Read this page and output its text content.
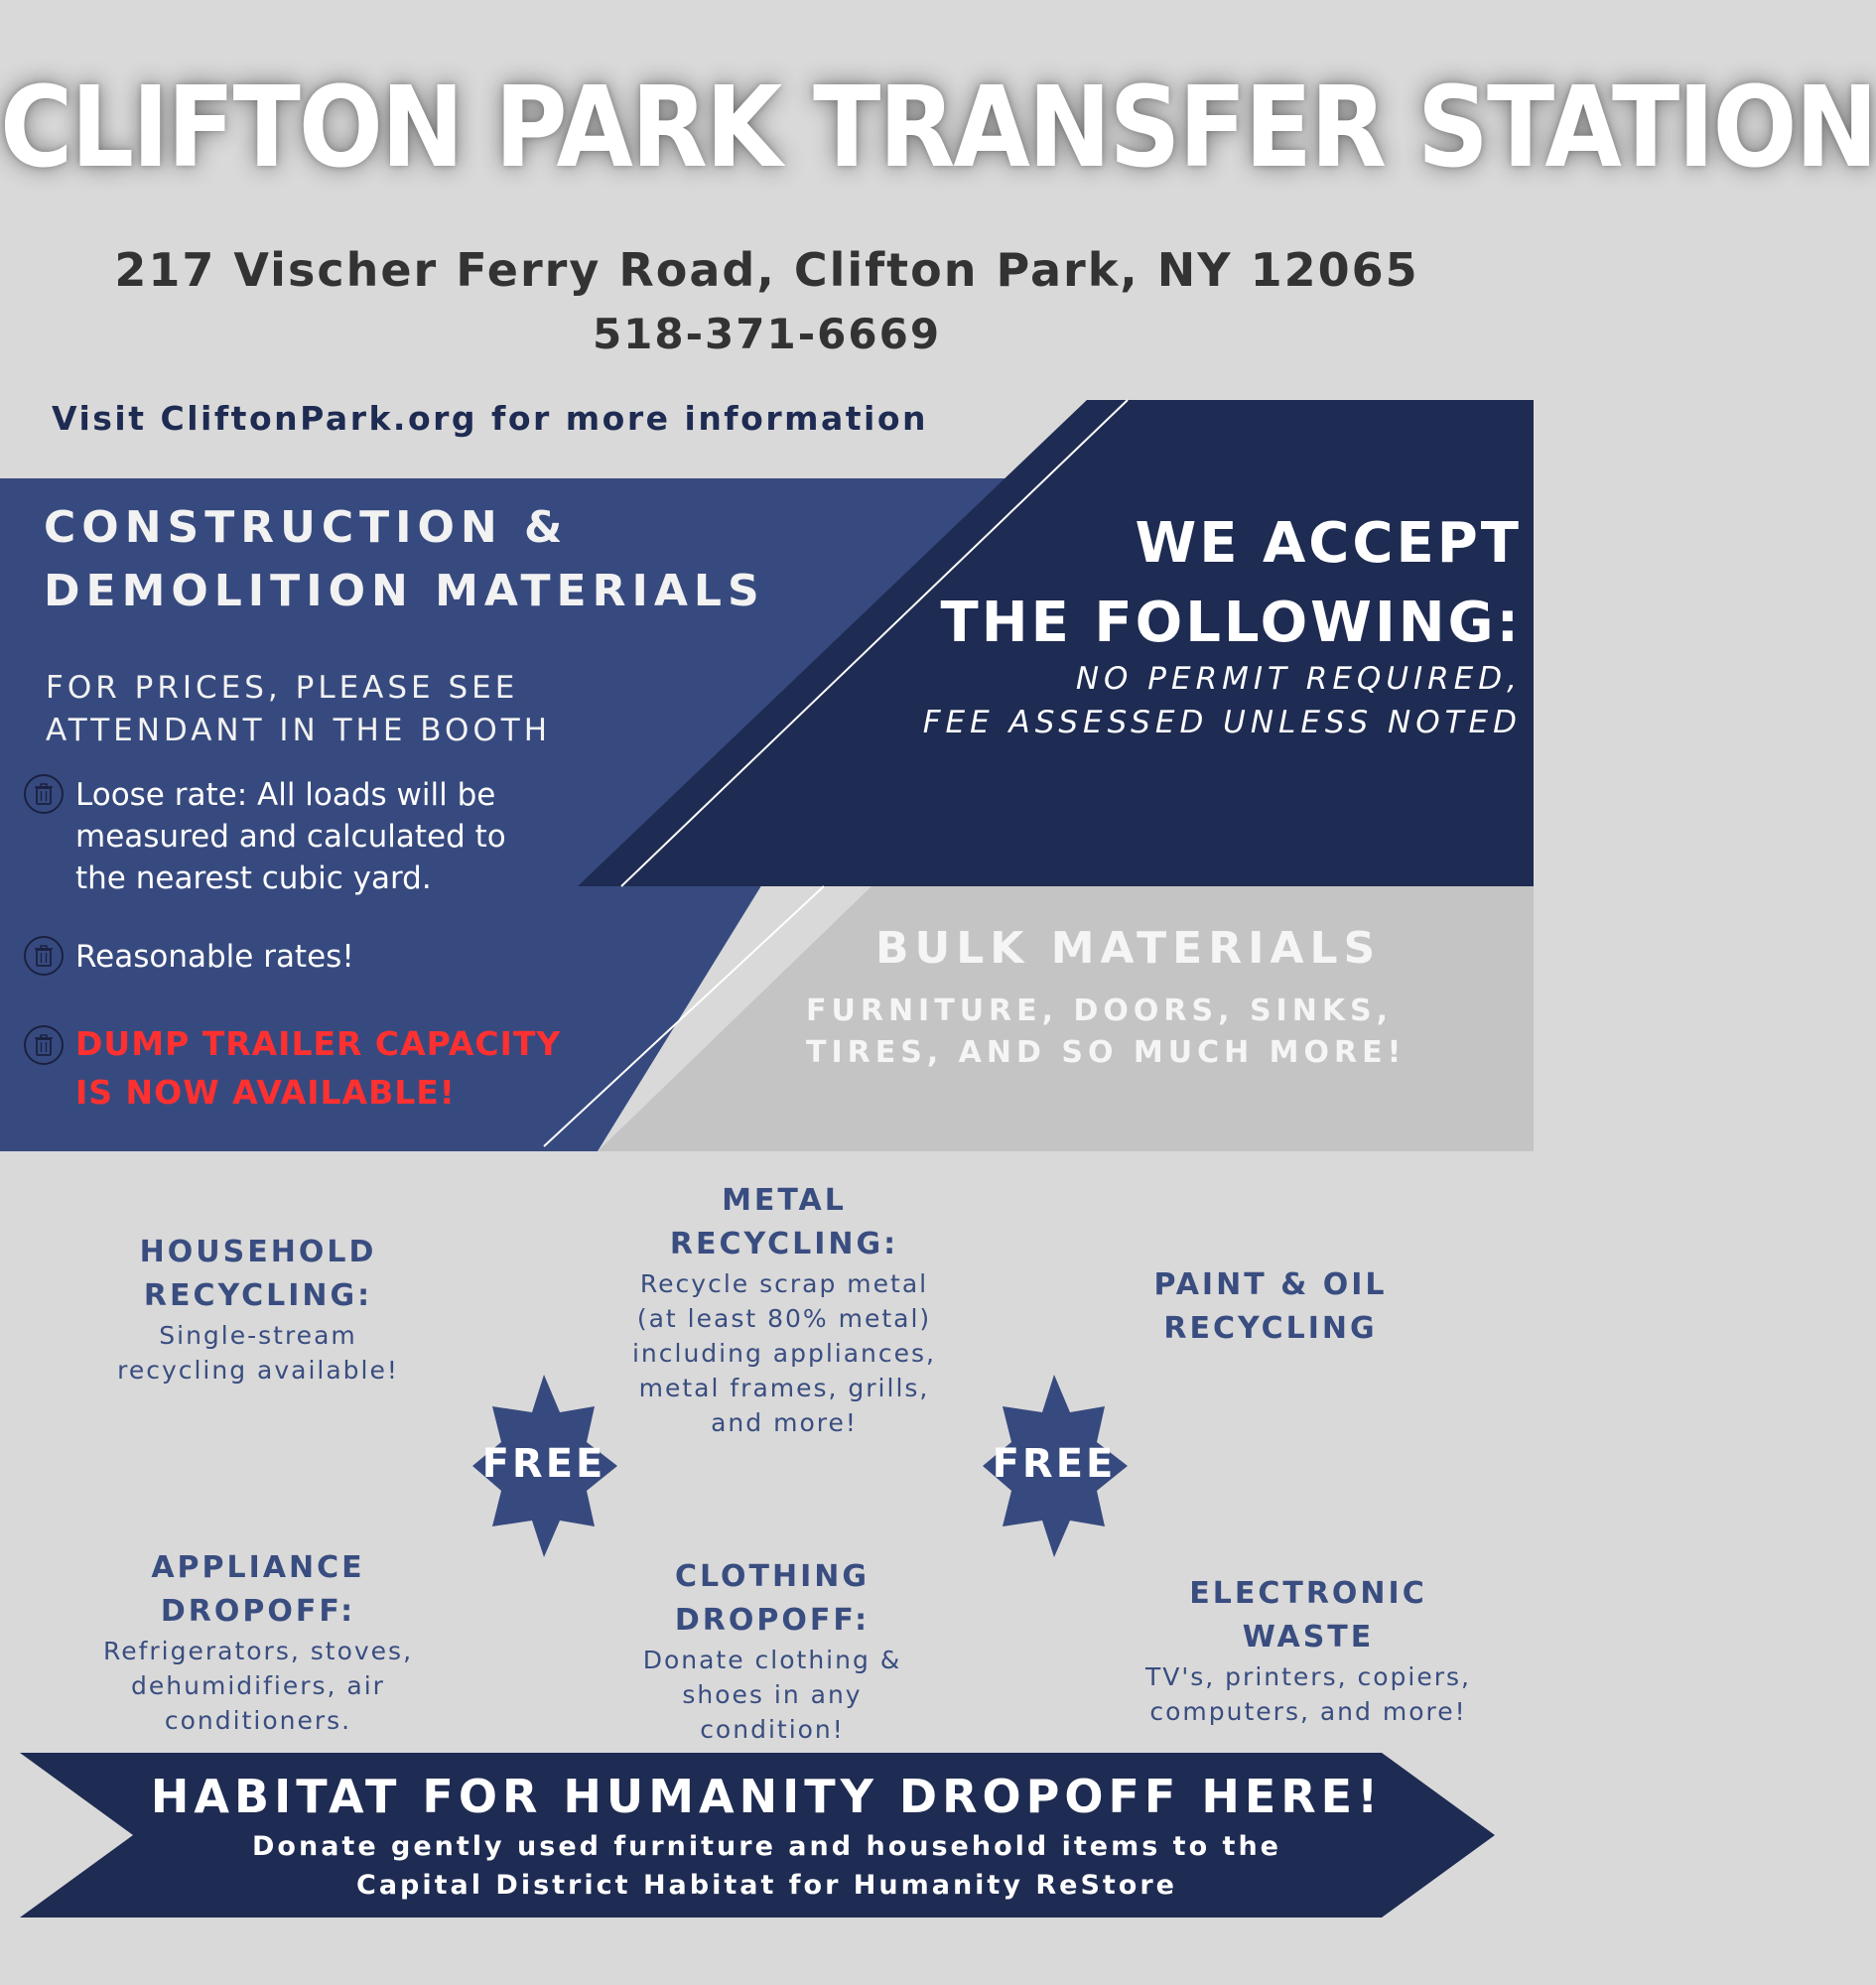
CLIFTON PARK TRANSFER STATION
217 Vischer Ferry Road, Clifton Park, NY 12065
518-371-6669
Visit CliftonPark.org for more information
CONSTRUCTION &
DEMOLITION MATERIALS
FOR PRICES, PLEASE SEE
ATTENDANT IN THE BOOTH
Loose rate: All loads will be
measured and calculated to
the nearest cubic yard.
Reasonable rates!
DUMP TRAILER CAPACITY
IS NOW AVAILABLE!
WE ACCEPT
THE FOLLOWING:
NO PERMIT REQUIRED,
FEE ASSESSED UNLESS NOTED
BULK MATERIALS
FURNITURE, DOORS, SINKS,
TIRES, AND SO MUCH MORE!
HOUSEHOLD
RECYCLING:
Single-stream
recycling available!
METAL
RECYCLING:
Recycle scrap metal
(at least 80% metal)
including appliances,
metal frames, grills,
and more!
PAINT & OIL
RECYCLING
APPLIANCE
DROPOFF:
Refrigerators, stoves,
dehumidifiers, air
conditioners.
CLOTHING
DROPOFF:
Donate clothing &
shoes in any
condition!
ELECTRONIC
WASTE
TV's, printers, copiers,
computers, and more!
FREE	FREE
HABITAT FOR HUMANITY DROPOFF HERE!
Donate gently used furniture and household items to the
Capital District Habitat for Humanity ReStore
